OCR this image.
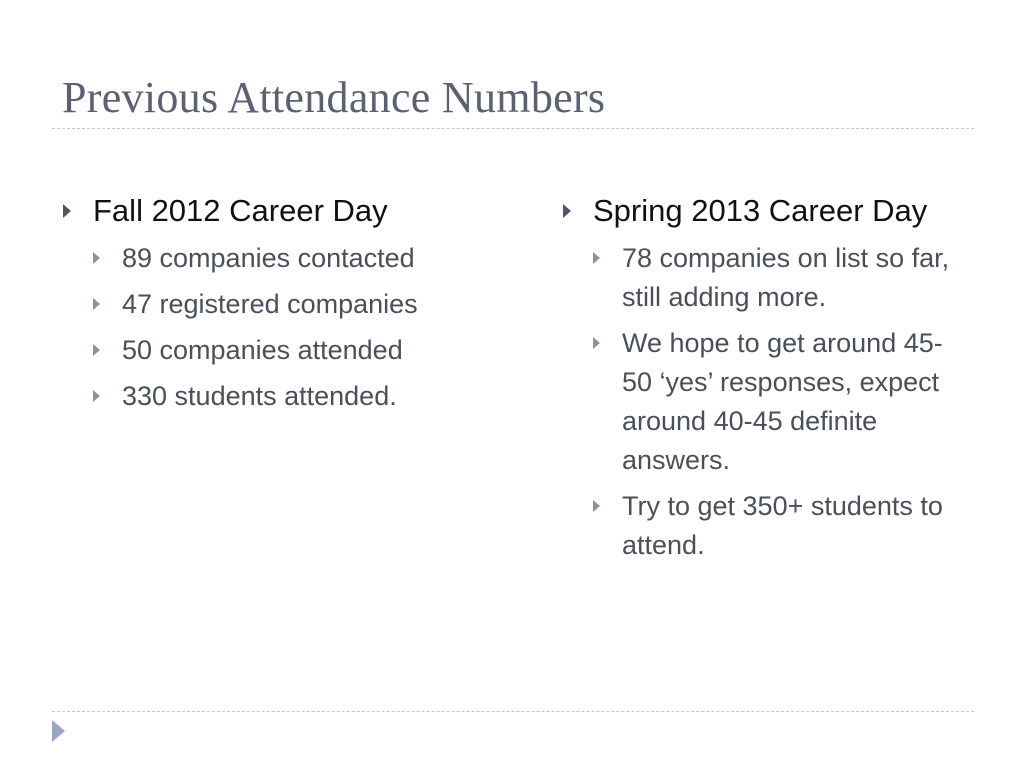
Previous Attendance Numbers
Fall 2012 Career Day
89 companies contacted
47 registered companies
50 companies attended
330 students attended.
Spring 2013 Career Day
78 companies on list so far, still adding more.
We hope to get around 45-50 ‘yes’ responses, expect around 40-45 definite answers.
Try to get 350+ students to attend.
